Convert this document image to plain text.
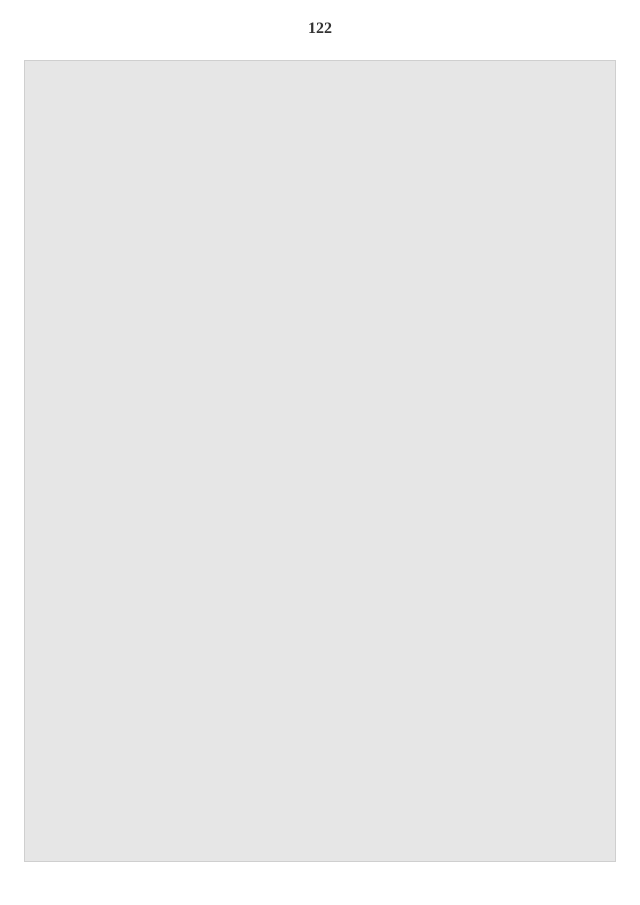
122
